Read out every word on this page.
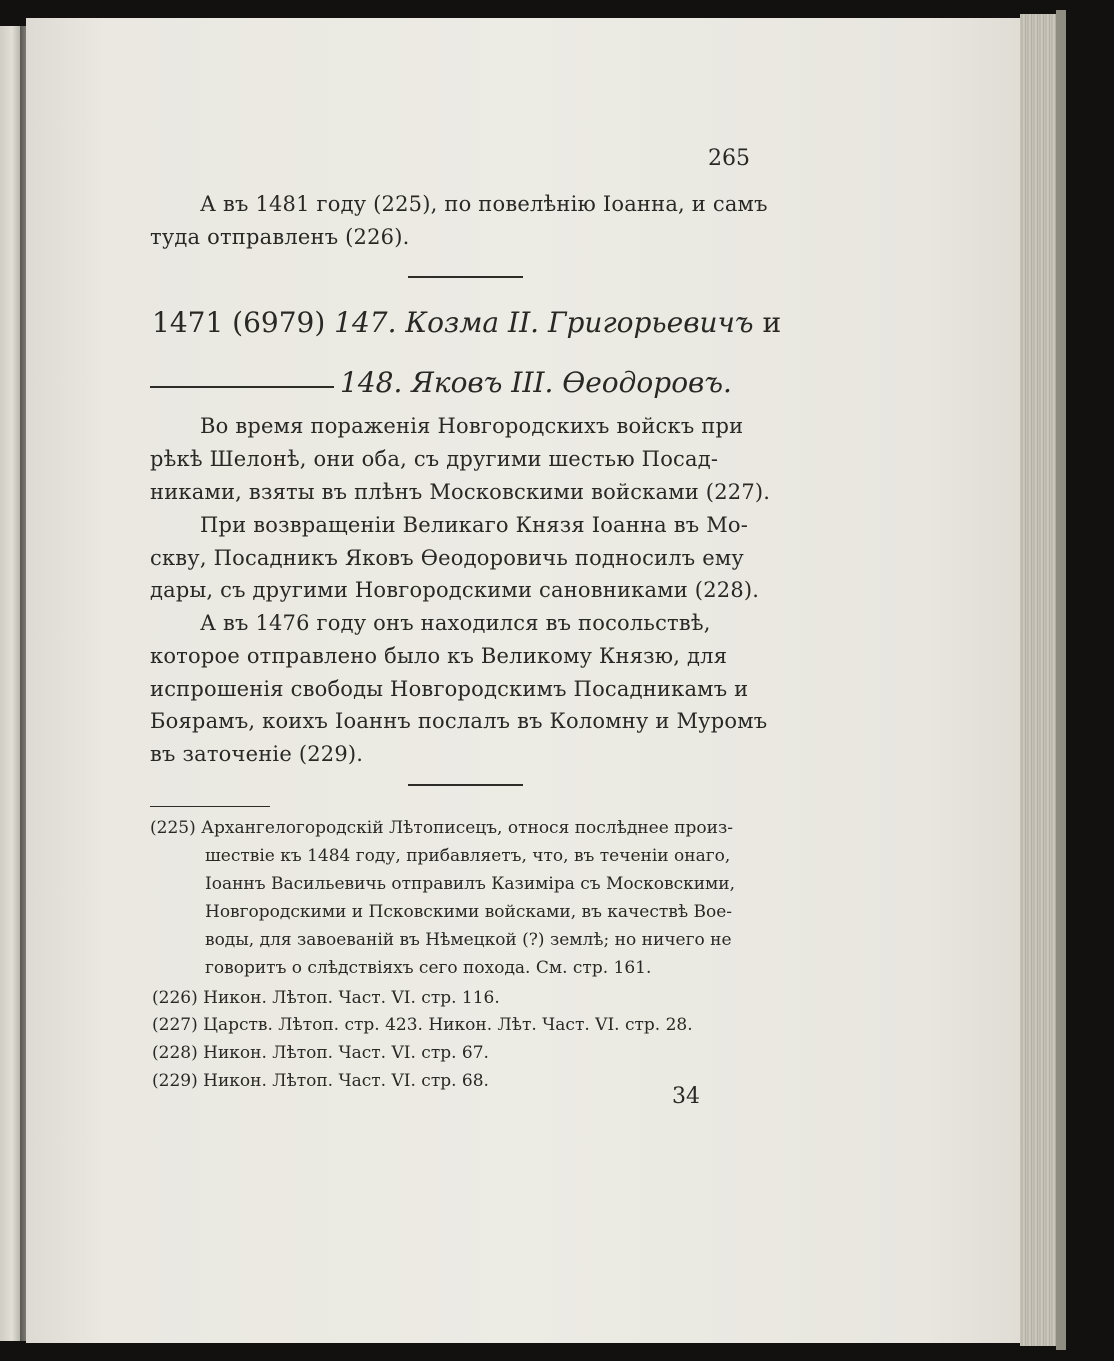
265
А въ 1481 году (225), по повелѣнію Іоанна, и самъ
туда отправленъ (226).
1471 (6979) 147. Козма II. Григорьевичъ и
148. Яковъ III. Ѳеодоровъ.
Во время пораженія Новгородскихъ войскъ при
рѣкѣ Шелонѣ, они оба, съ другими шестью Посад-
никами, взяты въ плѣнъ Московскими войсками (227).
При возвращеніи Великаго Князя Іоанна въ Мо-
скву, Посадникъ Яковъ Ѳеодоровичь подносилъ ему
дары, съ другими Новгородскими сановниками (228).
А въ 1476 году онъ находился въ посольствѣ,
которое отправлено было къ Великому Князю, для
испрошенія свободы Новгородскимъ Посадникамъ и
Боярамъ, коихъ Іоаннъ послалъ въ Коломну и Муромъ
въ заточеніе (229).
(225) Архангелогородскій Лѣтописецъ, относя послѣднее произ-
шествіе къ 1484 году, прибавляетъ, что, въ теченіи онаго,
Іоаннъ Васильевичь отправилъ Казиміра съ Московскими,
Новгородскими и Псковскими войсками, въ качествѣ Вое-
воды, для завоеваній въ Нѣмецкой (?) землѣ; но ничего не
говоритъ о слѣдствіяхъ сего похода. См. стр. 161.
(226) Никон. Лѣтоп. Част. VI. стр. 116.
(227) Царств. Лѣтоп. стр. 423. Никон. Лѣт. Част. VI. стр. 28.
(228) Никон. Лѣтоп. Част. VI. стр. 67.
(229) Никон. Лѣтоп. Част. VI. стр. 68.
34
